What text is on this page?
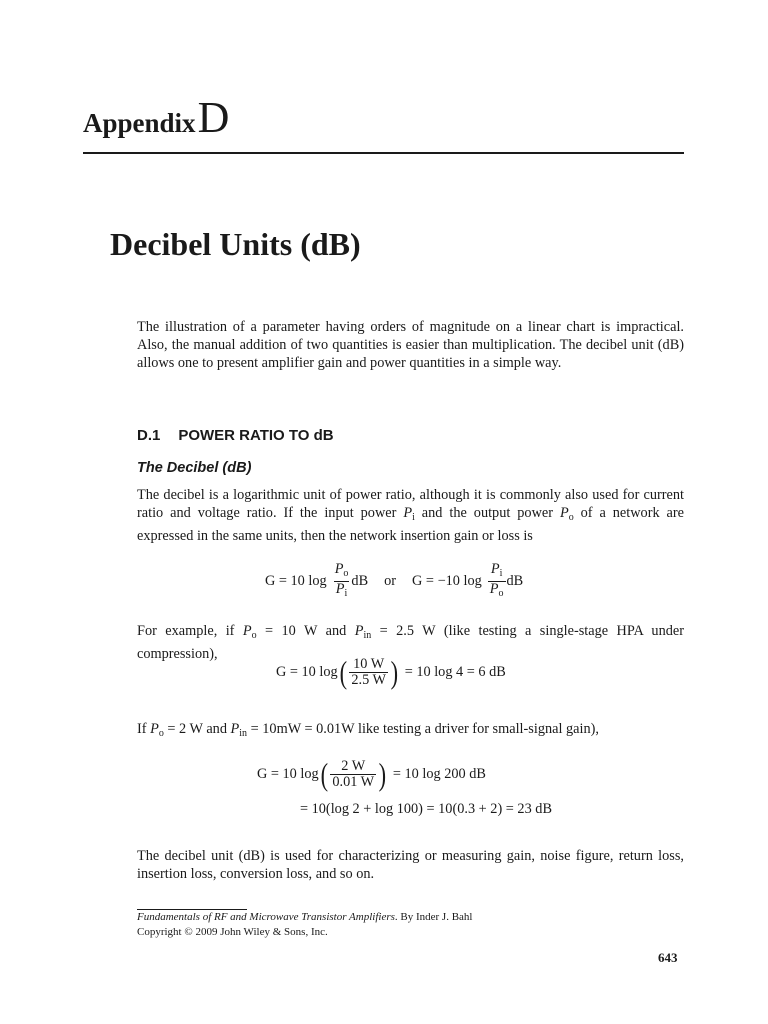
AppendixD
Decibel Units (dB)

The illustration of a parameter having orders of magnitude on a linear chart is impractical. Also, the manual addition of two quantities is easier than multiplication. The decibel unit (dB) allows one to present amplifier gain and power quantities in a simple way.

D.1 POWER RATIO TO dB
The Decibel (dB)

The decibel is a logarithmic unit of power ratio, although it is commonly also used for current ratio and voltage ratio. If the input power $P_i$ and the output power $P_o$ of a network are expressed in the same units, then the network insertion gain or loss is

G = 10 $\log \frac{P_o}{P_i}$ dB or G = −10 $\log \frac{P_i}{P_o}$ dB

For example, if $P_o = 10$ W and $P_{in} = 2.5$ W (like testing a single-stage HPA under compression),

G = 10 log ( $\frac{10 W}{2.5 W}$ ) = 10 log 4 = 6 dB

If $P_o = 2$ W and $P_{in} = 10mW = 0.01W$ like testing a driver for small-signal gain),

G = 10 log ( $\frac{2 W}{0.01 W}$ ) = 10 log 200 dB
= 10(log 2 + log 100) = 10(0.3 + 2) = 23 dB

The decibel unit (dB) is used for characterizing or measuring gain, noise figure, return loss, insertion loss, conversion loss, and so on.

Fundamentals of RF and Microwave Transistor Amplifiers. By Inder J. Bahl
Copyright © 2009 John Wiley & Sons, Inc.
643
